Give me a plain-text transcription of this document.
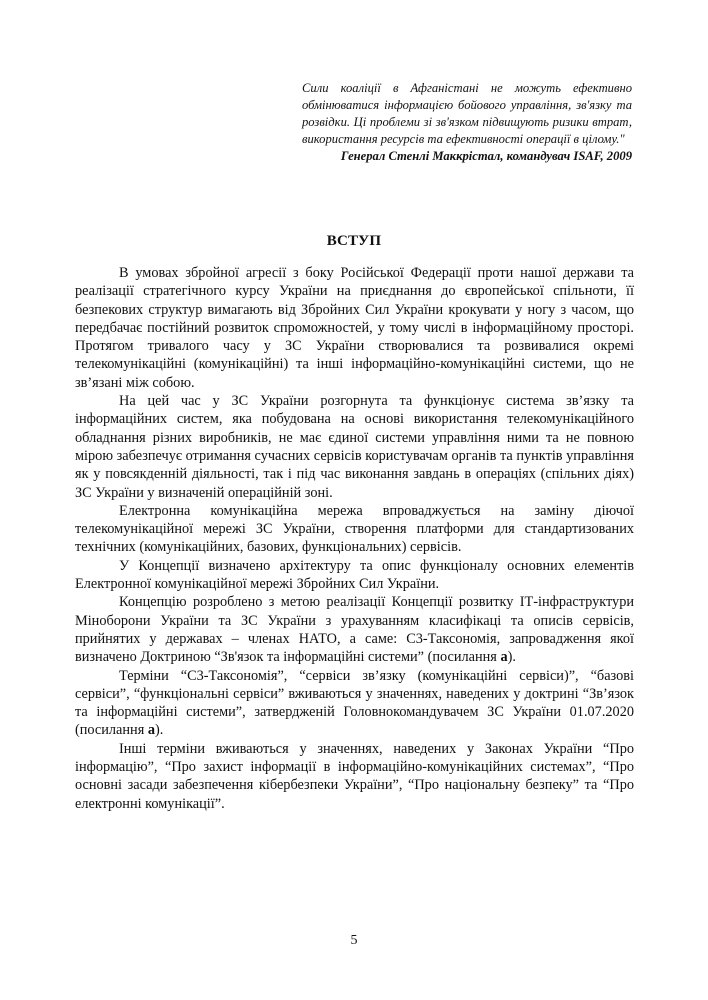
Сили коаліції в Афганістані не можуть ефективно обмінюватися інформацією бойового управління, зв'язку та розвідки. Ці проблеми зі зв'язком підвищують ризики втрат, використання ресурсів та ефективності операції в цілому."
Генерал Стенлі Маккрістал, командувач ISAF, 2009
ВСТУП

В умовах збройної агресії з боку Російської Федерації проти нашої держави та реалізації стратегічного курсу України на приєднання до європейської спільноти, її безпекових структур вимагають від Збройних Сил України крокувати у ногу з часом, що передбачає постійний розвиток спроможностей, у тому числі в інформаційному просторі. Протягом тривалого часу у ЗС України створювалися та розвивалися окремі телекомунікаційні (комунікаційні) та інші інформаційно-комунікаційні системи, що не зв’язані між собою.

На цей час у ЗС України розгорнута та функціонує система зв’язку та інформаційних систем, яка побудована на основі використання телекомунікаційного обладнання різних виробників, не має єдиної системи управління ними та не повною мірою забезпечує отримання сучасних сервісів користувачам органів та пунктів управління як у повсякденній діяльності, так і під час виконання завдань в операціях (спільних діях) ЗС України у визначеній операційній зоні.

Електронна комунікаційна мережа впроваджується на заміну діючої телекомунікаційної мережі ЗС України, створення платформи для стандартизованих технічних (комунікаційних, базових, функціональних) сервісів.

У Концепції визначено архітектуру та опис функціоналу основних елементів Електронної комунікаційної мережі Збройних Сил України.

Концепцію розроблено з метою реалізації Концепції розвитку ІТ-інфраструктури Міноборони України та ЗС України з урахуванням класифікаці та описів сервісів, прийнятих у державах – членах НАТО, а саме: С3-Таксономія, запровадження якої визначено Доктриною “Зв'язок та інформаційні системи” (посилання а).

Терміни “С3-Таксономія”, “сервіси зв’язку (комунікаційні сервіси)”, “базові сервіси”, “функціональні сервіси” вживаються у значеннях, наведених у доктрині “Зв’язок та інформаційні системи”, затвердженій Головнокомандувачем ЗС України 01.07.2020 (посилання а).

Інші терміни вживаються у значеннях, наведених у Законах України “Про інформацію”, “Про захист інформації в інформаційно-комунікаційних системах”, “Про основні засади забезпечення кібербезпеки України”, “Про національну безпеку” та “Про електронні комунікації”.

5
